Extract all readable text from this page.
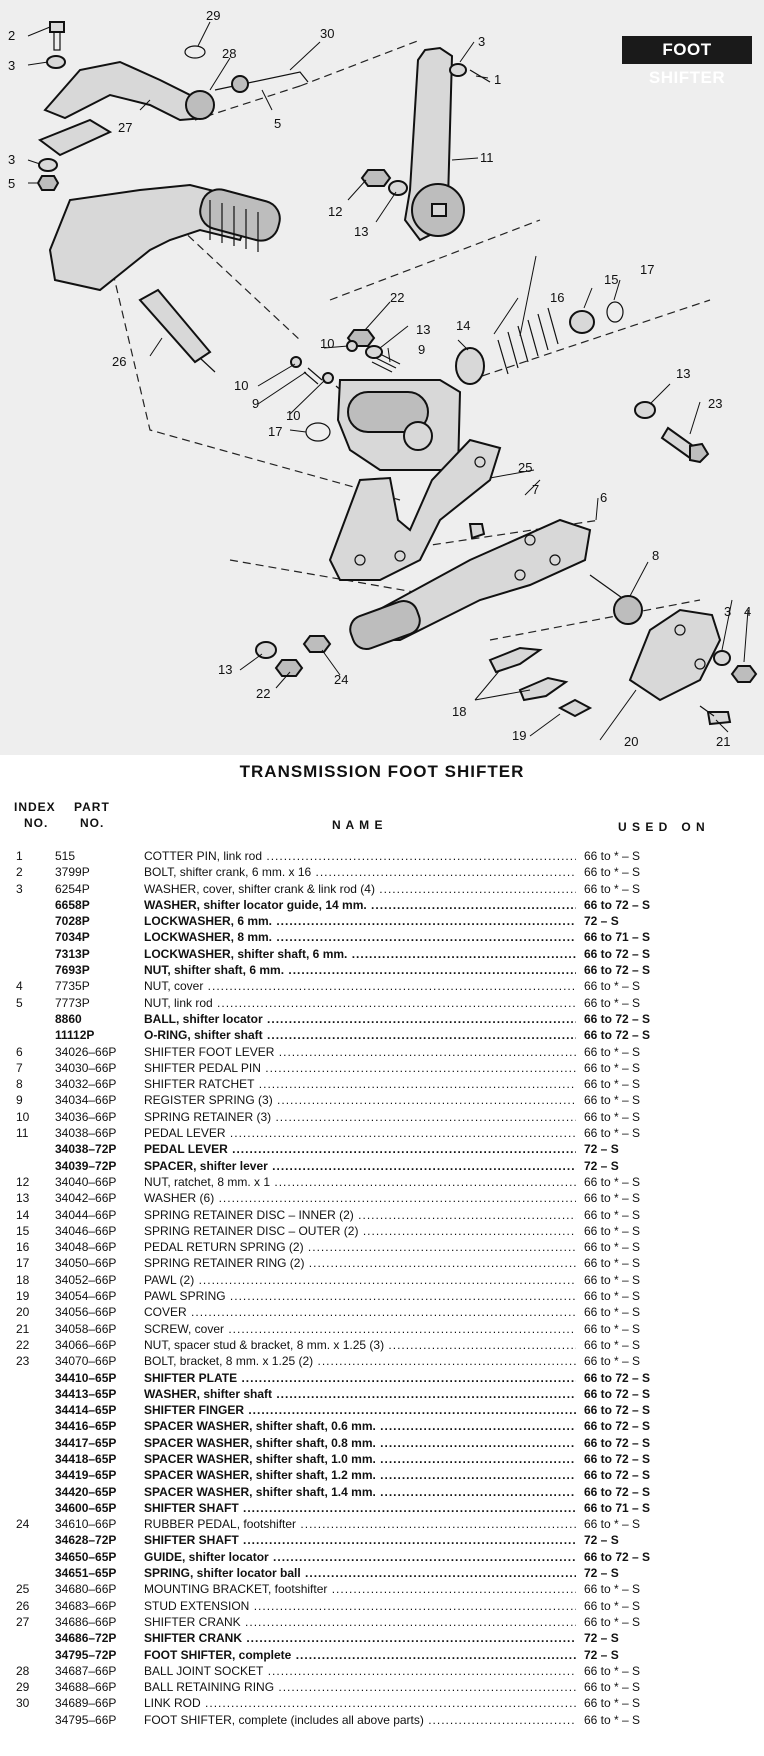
2
3
3
5
29
28
30
5
27
3
1
11
12
13
26
22
13
9
10
10
9
10
17
14
16
15
17
13
23
25
7
6
8
3 4
21
20
19
18
24
13
22
FOOT SHIFTER
TRANSMISSION FOOT SHIFTER
INDEX
NO.
PART
NO.	N A M E	U S E D   O N
1	515	COTTER PIN, link rod .....	66 to * – S
2	3799P	BOLT, shifter crank, 6 mm. x 16 .....	66 to * – S
3	6254P	WASHER, cover, shifter crank & link rod (4) .....	66 to * – S
6658P	WASHER, shifter locator guide, 14 mm. .....	66 to 72 – S
7028P	LOCKWASHER, 6 mm. .....	72 – S
7034P	LOCKWASHER, 8 mm. .....	66 to 71 – S
7313P	LOCKWASHER, shifter shaft, 6 mm. .....	66 to 72 – S
7693P	NUT, shifter shaft, 6 mm. .....	66 to 72 – S
4	7735P	NUT, cover .....	66 to * – S
5	7773P	NUT, link rod .....	66 to * – S
8860	BALL, shifter locator .....	66 to 72 – S
11112P	O-RING, shifter shaft .....	66 to 72 – S
6	34026–66P SHIFTER FOOT LEVER .....	66 to * – S
7	34030–66P SHIFTER PEDAL PIN .....	66 to * – S
8	34032–66P SHIFTER RATCHET .....	66 to * – S
9	34034–66P REGISTER SPRING (3) .....	66 to * – S
10	34036–66P SPRING RETAINER (3) .....	66 to * – S
11	34038–66P PEDAL LEVER .....	66 to * – S
34038–72P PEDAL LEVER .....	72 – S
34039–72P SPACER, shifter lever .....	72 – S
12	34040–66P NUT, ratchet, 8 mm. x 1 .....	66 to * – S
13	34042–66P WASHER (6) .....	66 to * – S
14	34044–66P SPRING RETAINER DISC – INNER (2) .....	66 to * – S
15	34046–66P SPRING RETAINER DISC – OUTER (2) .....	66 to * – S
16	34048–66P PEDAL RETURN SPRING (2) .....	66 to * – S
17	34050–66P SPRING RETAINER RING (2) .....	66 to * – S
18	34052–66P PAWL (2) .....	66 to * – S
19	34054–66P PAWL SPRING .....	66 to * – S
20	34056–66P COVER .....	66 to * – S
21	34058–66P SCREW, cover .....	66 to * – S
22	34066–66P NUT, spacer stud & bracket, 8 mm. x 1.25 (3) .....	66 to * – S
23	34070–66P BOLT, bracket, 8 mm. x 1.25 (2) .....	66 to * – S
34410–65P SHIFTER PLATE .....	66 to 72 – S
34413–65P WASHER, shifter shaft .....	66 to 72 – S
34414–65P SHIFTER FINGER .....	66 to 72 – S
34416–65P SPACER WASHER, shifter shaft, 0.6 mm. .....	66 to 72 – S
34417–65P SPACER WASHER, shifter shaft, 0.8 mm. .....	66 to 72 – S
34418–65P SPACER WASHER, shifter shaft, 1.0 mm. .....	66 to 72 – S
34419–65P SPACER WASHER, shifter shaft, 1.2 mm. .....	66 to 72 – S
34420–65P SPACER WASHER, shifter shaft, 1.4 mm. .....	66 to 72 – S
34600–65P SHIFTER SHAFT .....	66 to 71 – S
24	34610–66P RUBBER PEDAL, footshifter .....	66 to * – S
34628–72P SHIFTER SHAFT .....	72 – S
34650–65P GUIDE, shifter locator .....	66 to 72 – S
34651–65P SPRING, shifter locator ball .....	72 – S
25	34680–66P MOUNTING BRACKET, footshifter .....	66 to * – S
26	34683–66P STUD EXTENSION .....	66 to * – S
27	34686–66P SHIFTER CRANK .....	66 to * – S
34686–72P SHIFTER CRANK .....	72 – S
34795–72P FOOT SHIFTER, complete .....	72 – S
28	34687–66P BALL JOINT SOCKET .....	66 to * – S
29	34688–66P BALL RETAINING RING .....	66 to * – S
30	34689–66P LINK ROD .....	66 to * – S
34795–66P FOOT SHIFTER, complete (includes all above parts) .....	66 to * – S
